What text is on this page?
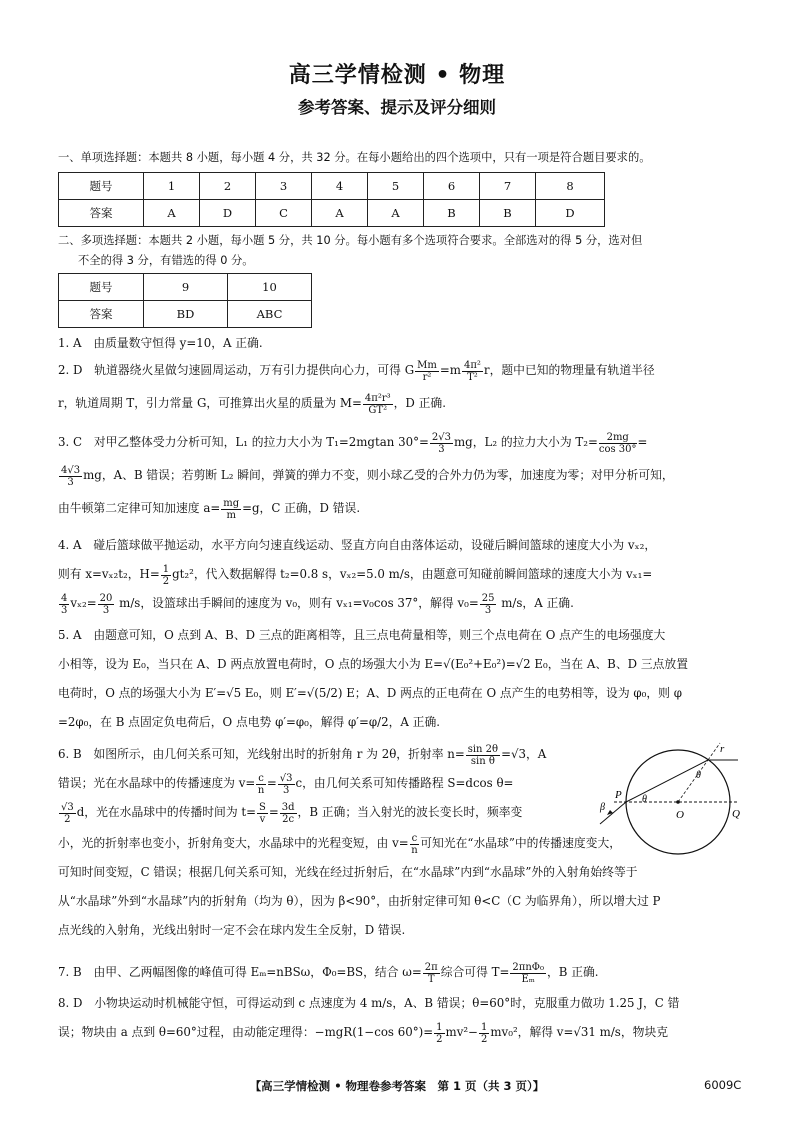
高三学情检测 • 物理
参考答案、提示及评分细则
一、单项选择题：本题共 8 小题，每小题 4 分，共 32 分。在每小题给出的四个选项中，只有一项是符合题目要求的。
题号	1	2	3	4	5	6	7	8
答案	A	D	C	A	A	B	B	D
二、多项选择题：本题共 2 小题，每小题 5 分，共 10 分。每小题有多个选项符合要求。全部选对的得 5 分，选对但
不全的得 3 分，有错选的得 0 分。
题号	9	10
答案	BD	ABC
1. A　由质量数守恒得 y=10，A 正确.
2. D　轨道器绕火星做匀速圆周运动，万有引力提供向心力，可得 G $\frac{Mm}{\text{r²}} =m \frac{\text{4π²}}{\text{T²}}$ r，题中已知的物理量有轨道半径
r，轨道周期 T，引力常量 G，可推算出火星的质量为 $M= \frac{\text{4π²r³}}{\text{GT²}}$ ，D 正确.
3. C　对甲乙整体受力分析可知，L₁ 的拉力大小为 T₁=2mgtan $30^\circ= \frac{2√3}{3}$ mg，L₂ 的拉力大小为 $T_2= \frac{2mg}{\cos 30^\circ}$ =
$\frac{4√3}{3}$ mg，A、B 错误；若剪断 L₂ 瞬间，弹簧的弹力不变，则小球乙受的合外力仍为零，加速度为零；对甲分析可知，
由牛顿第二定律可知加速度 $a= \frac{mg}{m} =g$，C 正确，D 错误.
4. A　碰后篮球做平抛运动，水平方向匀速直线运动、竖直方向自由落体运动，设碰后瞬间篮球的速度大小为 vₓ₂，
则有 x=vₓ₂t₂，$H= \frac{1}{2} gt_2^2$，代入数据解得 t₂=0.8 s，vₓ₂=5.0 m/s，由题意可知碰前瞬间篮球的速度大小为 vₓ₁=
$\frac{4}{3} v_{x2}= \frac{20}{3} m/s$，设篮球出手瞬间的速度为 v₀，则有 vₓ₁=v₀cos 37°，解得 $v_0= \frac{25}{3} m/s$，A 正确.
5. A　由题意可知，O 点到 A、B、D 三点的距离相等，且三点电荷量相等，则三个点电荷在 O 点产生的电场强度大
小相等，设为 E₀，当只在 A、D 两点放置电荷时，O 点的场强大小为 E=√(E₀²+E₀²)=√2 E₀，当在 A、B、D 三点放置
电荷时，O 点的场强大小为 E′=√5 E₀，则 E′=√(5/2) E；A、D 两点的正电荷在 O 点产生的电势相等，设为 φ₀，则 φ
=2φ₀，在 B 点固定负电荷后，O 点电势 φ′=φ₀，解得 φ′=φ/2，A 正确.
6. B　如图所示，由几何关系可知，光线射出时的折射角 r 为 2θ，折射率 $n= \frac{\sin 2\theta}{\text{sin θ}} =√3$，A
错误；光在水晶球中的传播速度为 $v= \frac{c}{n} = \frac{√3}{3}$ c，由几何关系可知传播路程 S=dcos θ=
$\frac{√3}{2}$ d，光在水晶球中的传播时间为 $t= \frac{S}{v} = \frac{3d}{2c}$ ，B 正确；当入射光的波长变长时，频率变
小，光的折射率也变小，折射角变大，水晶球中的光程变短，由 $v= \frac{c}{n}$ 可知光在“水晶球”中的传播速度变大，
可知时间变短，C 错误；根据几何关系可知，光线在经过折射后，在“水晶球”内到“水晶球”外的入射角始终等于
从“水晶球”外到“水晶球”内的折射角（均为 θ），因为 β<90°，由折射定律可知 θ<C（C 为临界角），所以增大过 P
点光线的入射角，光线出射时一定不会在球内发生全反射，D 错误.
P
Q
O
r
θ
θ
β
7. B　由甲、乙两幅图像的峰值可得 Eₘ=nBSω，Φ₀=BS，结合 $\omega= \frac{2\pi}{T}$ 综合可得 $T= \frac{\text{2πnΦ₀}}{\text{Eₘ}}$ ，B 正确.
8. D　小物块运动时机械能守恒，可得运动到 c 点速度为 4 m/s，A、B 错误；θ=60°时，克服重力做功 1.25 J，C 错
误；物块由 a 点到 θ=60°过程，由动能定理得：−mgR(1−cos $60^\circ)= \frac{1}{2} mv^2- \frac{1}{2} mv_0^2$，解得 v=√31 m/s，物块克
【高三学情检测 • 物理卷参考答案　第 1 页（共 3 页）】	6009C
